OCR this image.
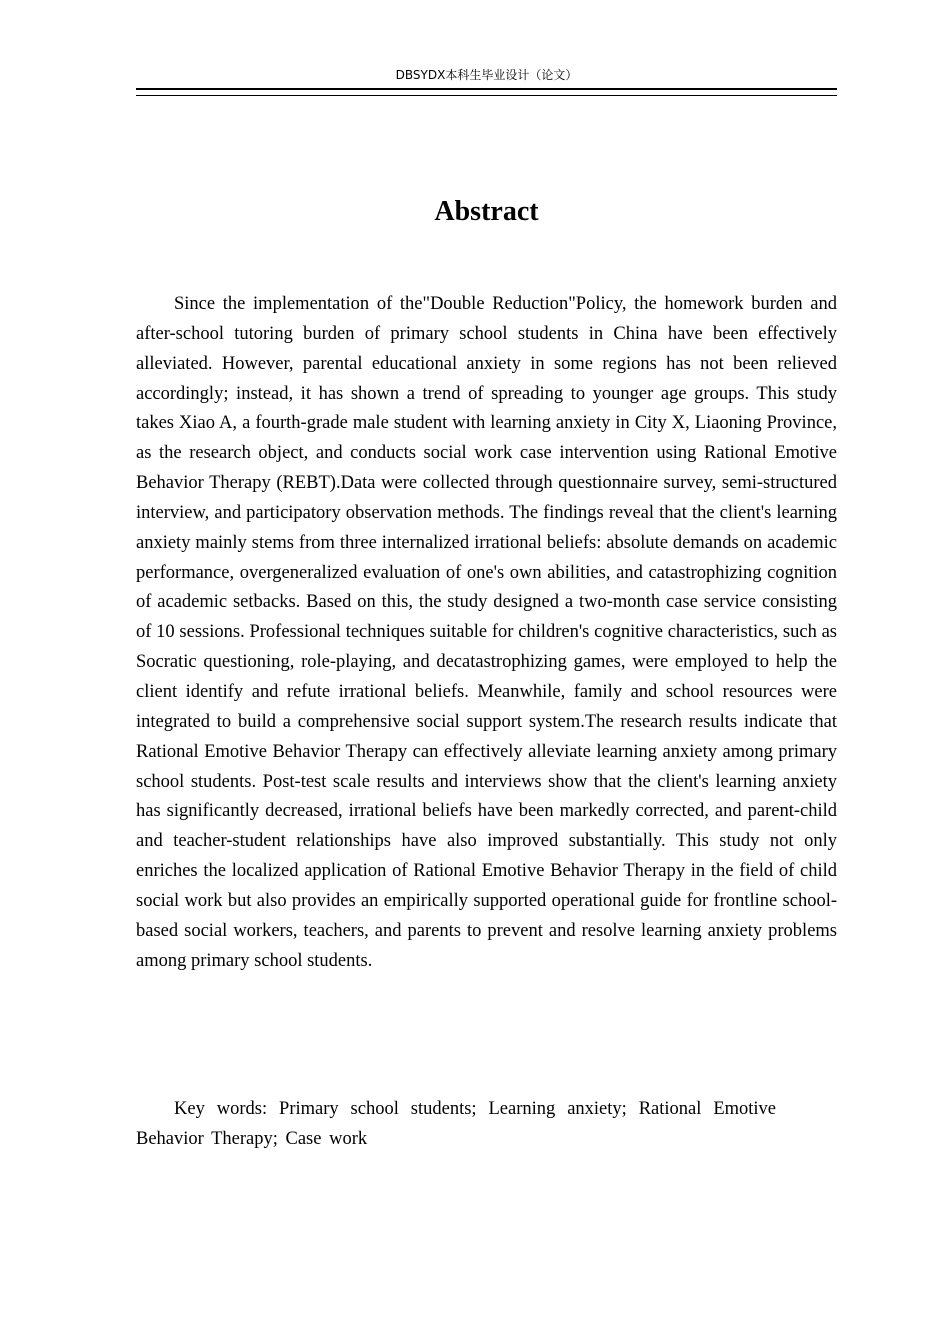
DBSYDX本科生毕业设计（论文）
Abstract

Since the implementation of the"Double Reduction"Policy, the homework burden and after-school tutoring burden of primary school students in China have been effectively alleviated. However, parental educational anxiety in some regions has not been relieved accordingly; instead, it has shown a trend of spreading to younger age groups. This study takes Xiao A, a fourth-grade male student with learning anxiety in City X, Liaoning Province, as the research object, and conducts social work case intervention using Rational Emotive Behavior Therapy (REBT).Data were collected through questionnaire survey, semi-structured interview, and participatory observation methods. The findings reveal that the client's learning anxiety mainly stems from three internalized irrational beliefs: absolute demands on academic performance, overgeneralized evaluation of one's own abilities, and catastrophizing cognition of academic setbacks. Based on this, the study designed a two-month case service consisting of 10 sessions. Professional techniques suitable for children's cognitive characteristics, such as Socratic questioning, role-playing, and decatastrophizing games, were employed to help the client identify and refute irrational beliefs. Meanwhile, family and school resources were integrated to build a comprehensive social support system.The research results indicate that Rational Emotive Behavior Therapy can effectively alleviate learning anxiety among primary school students. Post-test scale results and interviews show that the client's learning anxiety has significantly decreased, irrational beliefs have been markedly corrected, and parent-child and teacher-student relationships have also improved substantially. This study not only enriches the localized application of Rational Emotive Behavior Therapy in the field of child social work but also provides an empirically supported operational guide for frontline school-based social workers, teachers, and parents to prevent and resolve learning anxiety problems among primary school students.

Key words: Primary school students; Learning anxiety; Rational Emotive Behavior Therapy; Case work
